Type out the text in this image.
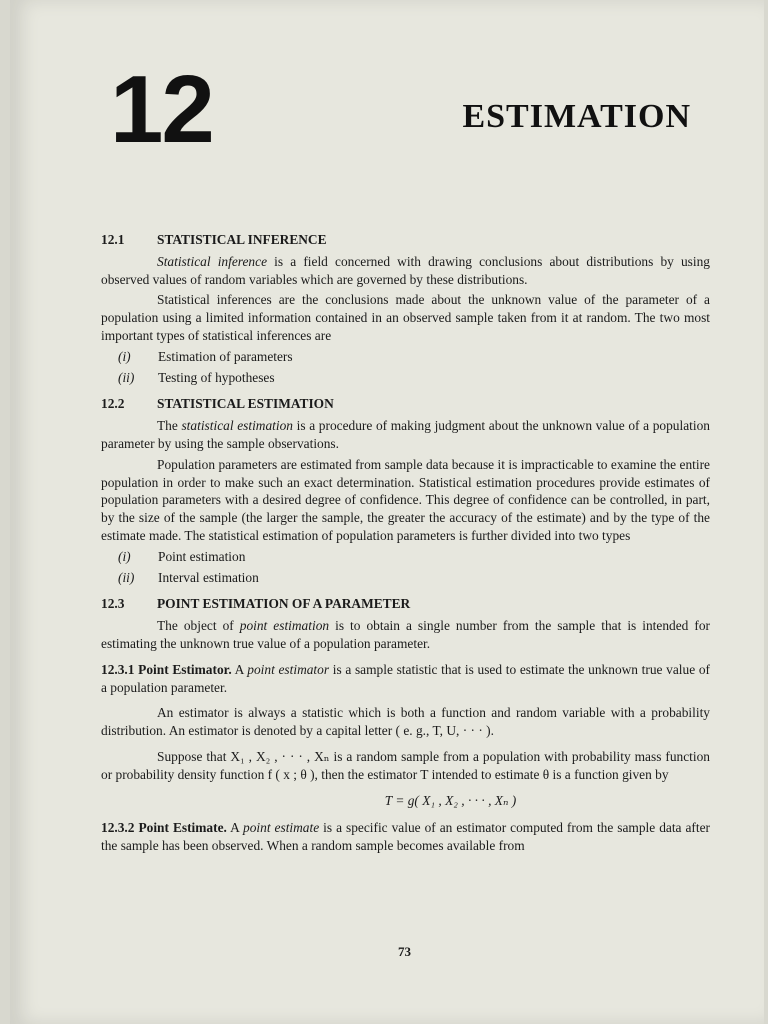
12	ESTIMATION
12.1	STATISTICAL INFERENCE

Statistical inference is a field concerned with drawing conclusions about distributions by using observed values of random variables which are governed by these distributions.

Statistical inferences are the conclusions made about the unknown value of the parameter of a population using a limited information contained in an observed sample taken from it at random. The two most important types of statistical inferences are

(i)	Estimation of parameters
(ii)	Testing of hypotheses
12.2	STATISTICAL ESTIMATION

The statistical estimation is a procedure of making judgment about the unknown value of a population parameter by using the sample observations.

Population parameters are estimated from sample data because it is impracticable to examine the entire population in order to make such an exact determination. Statistical estimation procedures provide estimates of population parameters with a desired degree of confidence. This degree of confidence can be controlled, in part, by the size of the sample (the larger the sample, the greater the accuracy of the estimate) and by the type of the estimate made. The statistical estimation of population parameters is further divided into two types

(i)	Point estimation
(ii)	Interval estimation
12.3	POINT ESTIMATION OF A PARAMETER

The object of point estimation is to obtain a single number from the sample that is intended for estimating the unknown true value of a population parameter.

12.3.1 Point Estimator. A point estimator is a sample statistic that is used to estimate the unknown true value of a population parameter.

An estimator is always a statistic which is both a function and random variable with a probability distribution. An estimator is denoted by a capital letter ( e. g., T, U, · · · ).

Suppose that X₁ , X₂ , · · · , Xₙ is a random sample from a population with probability mass function or probability density function f ( x ; θ ), then the estimator T intended to estimate θ is a function given by

T = g( X₁ , X₂ , · · · , Xₙ )

12.3.2 Point Estimate. A point estimate is a specific value of an estimator computed from the sample data after the sample has been observed. When a random sample becomes available from

73
